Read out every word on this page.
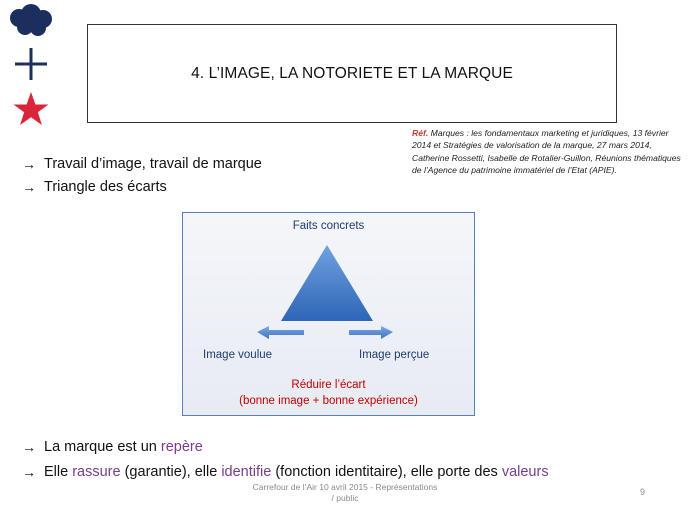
4. L’IMAGE, LA NOTORIETE ET LA MARQUE
Réf. Marques : les fondamentaux marketing et juridiques, 13 février 2014 et Stratégies de valorisation de la marque, 27 mars 2014, Catherine Rossetti, Isabelle de Rotalier-Guillon, Réunions thématiques de l’Agence du patrimoine immatériel de l’Etat (APIE).
→ Travail d’image, travail de marque
→ Triangle des écarts
Faits concrets
Image voulue	Image perçue
Réduire l’écart
(bonne image + bonne expérience)
→ La marque est un repère
→ Elle rassure (garantie), elle identifie (fonction identitaire), elle porte des valeurs
Carrefour de l’Air 10 avril 2015 - Représentations
/ public
9
